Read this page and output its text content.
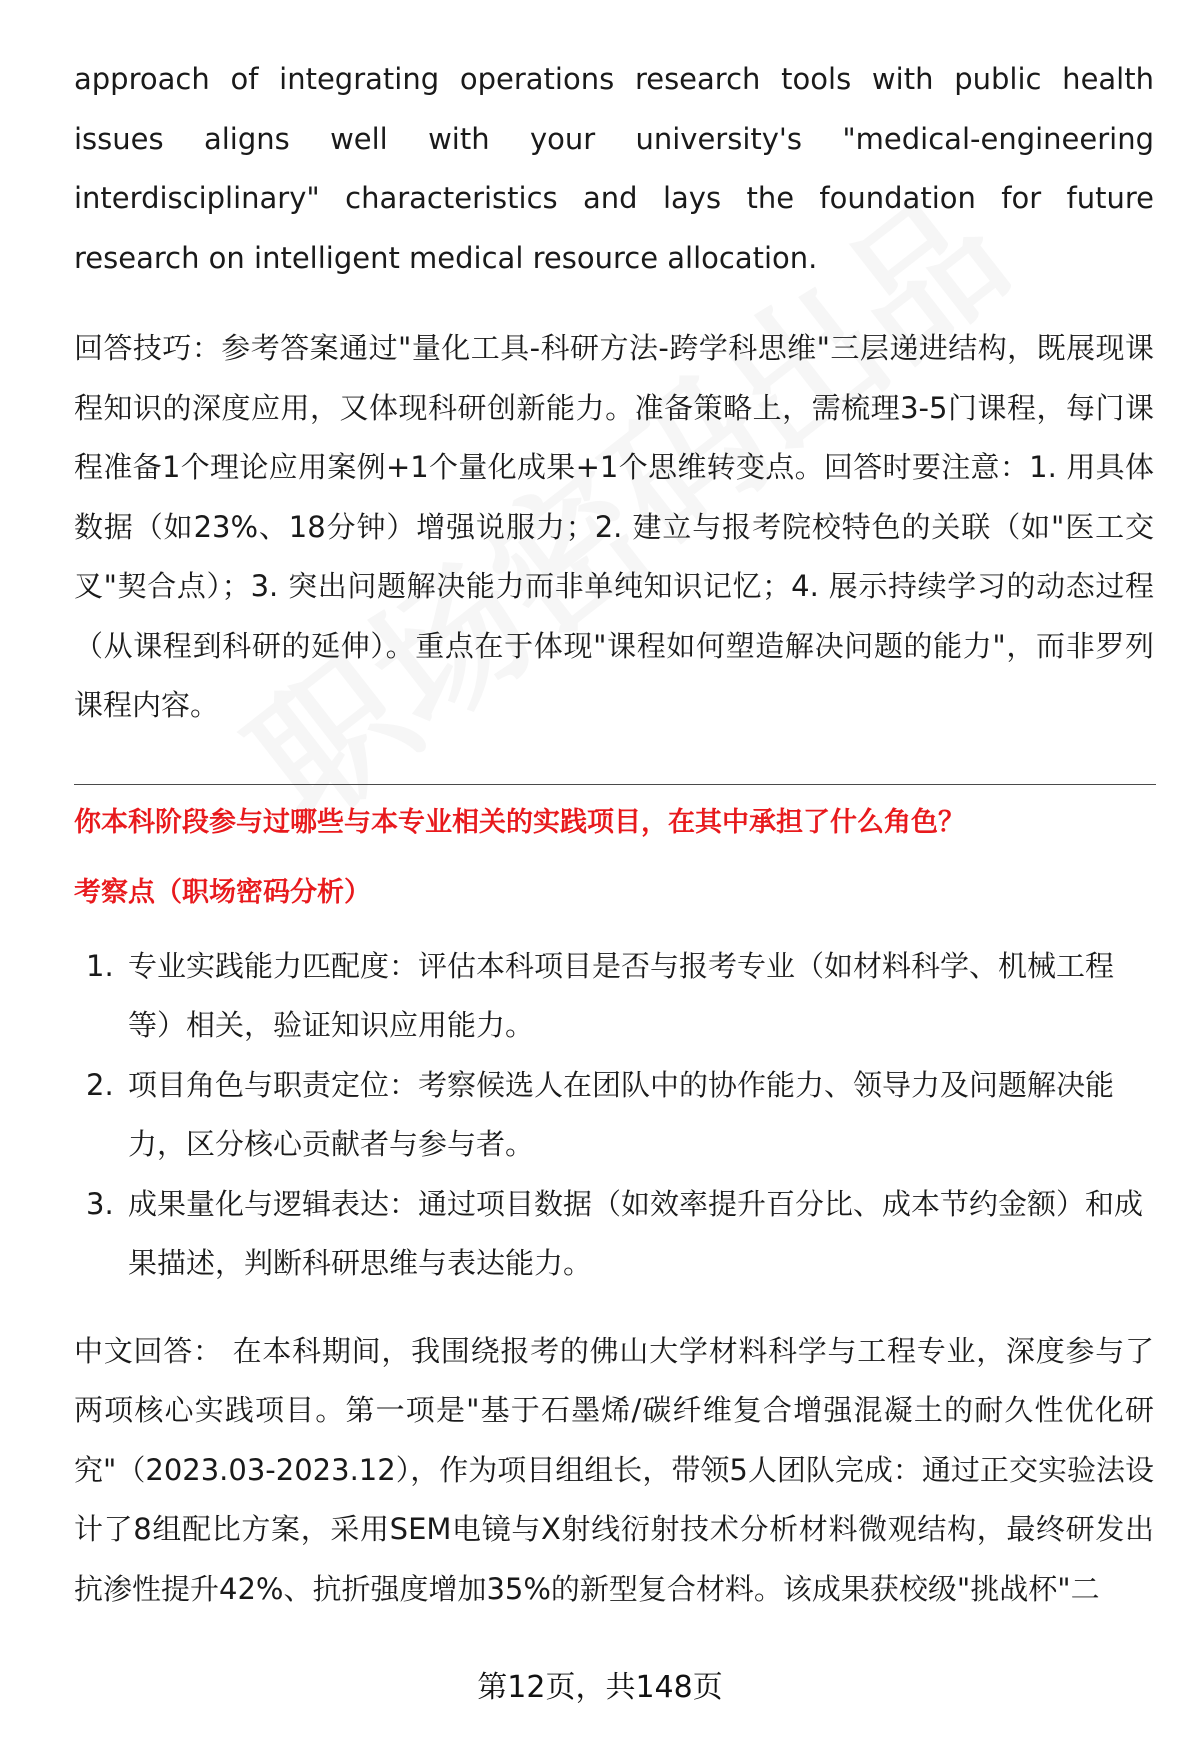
approach of integrating operations research tools with public health issues aligns well with your university's "medical-engineering interdisciplinary" characteristics and lays the foundation for future research on intelligent medical resource allocation.

回答技巧：参考答案通过"量化工具-科研方法-跨学科思维"三层递进结构，既展现课程知识的深度应用，又体现科研创新能力。准备策略上，需梳理3-5门课程，每门课程准备1个理论应用案例+1个量化成果+1个思维转变点。回答时要注意：1. 用具体数据（如23%、18分钟）增强说服力；2. 建立与报考院校特色的关联（如"医工交叉"契合点）；3. 突出问题解决能力而非单纯知识记忆；4. 展示持续学习的动态过程（从课程到科研的延伸）。重点在于体现"课程如何塑造解决问题的能力"，而非罗列课程内容。

你本科阶段参与过哪些与本专业相关的实践项目，在其中承担了什么角色？

考察点（职场密码分析）

1. 专业实践能力匹配度：评估本科项目是否与报考专业（如材料科学、机械工程等）相关，验证知识应用能力。
2. 项目角色与职责定位：考察候选人在团队中的协作能力、领导力及问题解决能力，区分核心贡献者与参与者。
3. 成果量化与逻辑表达：通过项目数据（如效率提升百分比、成本节约金额）和成果描述，判断科研思维与表达能力。

中文回答： 在本科期间，我围绕报考的佛山大学材料科学与工程专业，深度参与了两项核心实践项目。第一项是"基于石墨烯/碳纤维复合增强混凝土的耐久性优化研究"（2023.03-2023.12），作为项目组组长，带领5人团队完成：通过正交实验法设计了8组配比方案，采用SEM电镜与X射线衍射技术分析材料微观结构，最终研发出抗渗性提升42%、抗折强度增加35%的新型复合材料。该成果获校级"挑战杯"二

第12页，共148页
